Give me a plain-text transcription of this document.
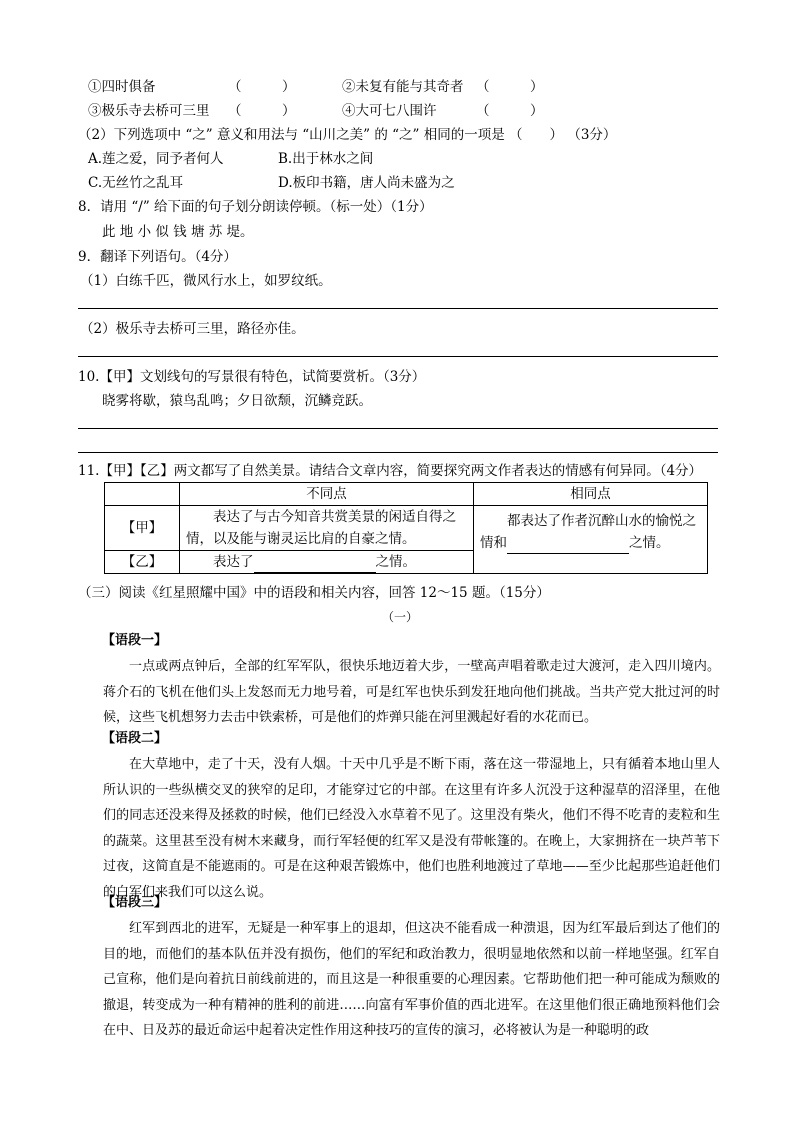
①四时俱备	（　　　）	②未复有能与其奇者 （　　　）
③极乐寺去桥可三里 （　　　）	④大可七八围许	（　　　）
（2）下列选项中 “之” 意义和用法与 “山川之美” 的 “之” 相同的一项是 （　　） （3分）
A.莲之爱，同予者何人	B.出于林水之间
C.无丝竹之乱耳	D.板印书籍，唐人尚未盛为之
8．请用 “/” 给下面的句子划分朗读停顿。（标一处）（1分）
此 地 小 似 钱 塘 苏 堤。
9．翻译下列语句。（4分）
（1）白练千匹，微风行水上，如罗纹纸。
（2）极乐寺去桥可三里，路径亦佳。
10.【甲】文划线句的写景很有特色，试简要赏析。（3分）
晓雾将歇，猿鸟乱鸣；夕日欲颓，沉鳞竞跃。
11.【甲】【乙】两文都写了自然美景。请结合文章内容，简要探究两文作者表达的情感有何异同。（4分）
	不同点	相同点
【甲】	表达了与古今知音共赏美景的闲适自得之情，以及能与谢灵运比肩的自豪之情。	都表达了作者沉醉山水的愉悦之情和 之情。
【乙】	表达了 之情。	
（三）阅读《红星照耀中国》中的语段和相关内容，回答 12～15 题。（15分）
（一）
【语段一】
一点或两点钟后，全部的红军军队，很快乐地迈着大步，一壁高声唱着歌走过大渡河，走入四川境内。蒋介石的飞机在他们头上发怒而无力地号着，可是红军也快乐到发狂地向他们挑战。当共产党大批过河的时候，这些飞机想努力去击中铁索桥，可是他们的炸弹只能在河里溅起好看的水花而已。
【语段二】
在大草地中，走了十天，没有人烟。十天中几乎是不断下雨，落在这一带湿地上，只有循着本地山里人所认识的一些纵横交叉的狭窄的足印，才能穿过它的中部。在这里有许多人沉没于这种湿草的沼泽里，在他们的同志还没来得及拯救的时候，他们已经没入水草着不见了。这里没有柴火，他们不得不吃青的麦粒和生的蔬菜。这里甚至没有树木来藏身，而行军轻便的红军又是没有带帐篷的。在晚上，大家拥挤在一块芦苇下过夜，这简直是不能遮雨的。可是在这种艰苦锻炼中，他们也胜利地渡过了草地——至少比起那些追赶他们的白军们来我们可以这么说。
【语段三】
红军到西北的进军，无疑是一种军事上的退却，但这决不能看成一种溃退，因为红军最后到达了他们的目的地，而他们的基本队伍并没有损伤，他们的军纪和政治教力，很明显地依然和以前一样地坚强。红军自己宣称，他们是向着抗日前线前进的，而且这是一种很重要的心理因素。它帮助他们把一种可能成为颓败的撤退，转变成为一种有精神的胜利的前进……向富有军事价值的西北进军。在这里他们很正确地预料他们会在中、日及苏的最近命运中起着决定性作用这种技巧的宣传的演习，必将被认为是一种聪明的政
